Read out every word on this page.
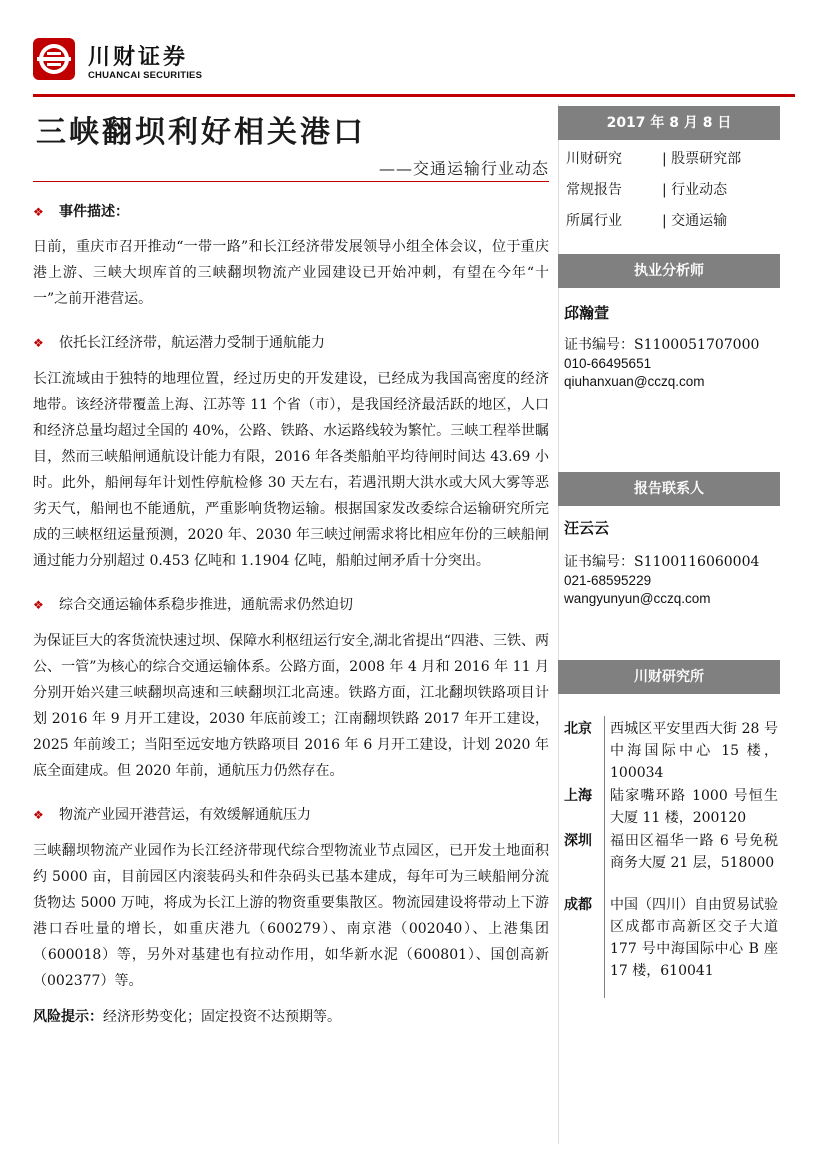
川财证券
CHUANCAI SECURITIES
三峡翻坝利好相关港口
——交通运输行业动态
❖ 事件描述：

日前，重庆市召开推动“一带一路”和长江经济带发展领导小组全体会议，位于重庆港上游、三峡大坝库首的三峡翻坝物流产业园建设已开始冲刺，有望在今年“十一”之前开港营运。

❖ 依托长江经济带，航运潜力受制于通航能力

长江流域由于独特的地理位置，经过历史的开发建设，已经成为我国高密度的经济地带。该经济带覆盖上海、江苏等 11 个省（市），是我国经济最活跃的地区，人口和经济总量均超过全国的 40%，公路、铁路、水运路线较为繁忙。三峡工程举世瞩目，然而三峡船闸通航设计能力有限，2016 年各类船舶平均待闸时间达 43.69 小时。此外，船闸每年计划性停航检修 30 天左右，若遇汛期大洪水或大风大雾等恶劣天气，船闸也不能通航，严重影响货物运输。根据国家发改委综合运输研究所完成的三峡枢纽运量预测，2020 年、2030 年三峡过闸需求将比相应年份的三峡船闸通过能力分别超过 0.453 亿吨和 1.1904 亿吨，船舶过闸矛盾十分突出。

❖ 综合交通运输体系稳步推进，通航需求仍然迫切

为保证巨大的客货流快速过坝、保障水利枢纽运行安全,湖北省提出“四港、三铁、两公、一管”为核心的综合交通运输体系。公路方面，2008 年 4 月和 2016 年 11 月分别开始兴建三峡翻坝高速和三峡翻坝江北高速。铁路方面，江北翻坝铁路项目计划 2016 年 9 月开工建设，2030 年底前竣工；江南翻坝铁路 2017 年开工建设，2025 年前竣工；当阳至远安地方铁路项目 2016 年 6 月开工建设，计划 2020 年底全面建成。但 2020 年前，通航压力仍然存在。

❖ 物流产业园开港营运，有效缓解通航压力

三峡翻坝物流产业园作为长江经济带现代综合型物流业节点园区，已开发土地面积约 5000 亩，目前园区内滚装码头和件杂码头已基本建成，每年可为三峡船闸分流货物达 5000 万吨，将成为长江上游的物资重要集散区。物流园建设将带动上下游港口吞吐量的增长，如重庆港九（600279）、南京港（002040）、上港集团（600018）等，另外对基建也有拉动作用，如华新水泥（600801）、国创高新（002377）等。

风险提示：经济形势变化；固定投资不达预期等。

2017 年 8 月 8 日
川财研究	| 股票研究部
常规报告	| 行业动态
所属行业	| 交通运输
执业分析师
邱瀚萱
证书编号：S1100051707000
010-66495651
qiuhanxuan@cczq.com
报告联系人
汪云云
证书编号：S1100116060004
021-68595229
wangyunyun@cczq.com
川财研究所
北京 西城区平安里西大街 28 号中海国际中心 15 楼，100034
上海 陆家嘴环路 1000 号恒生大厦 11 楼，200120
深圳 福田区福华一路 6 号免税商务大厦 21 层，518000
成都 中国（四川）自由贸易试验区成都市高新区交子大道 177 号中海国际中心 B 座 17 楼，610041
